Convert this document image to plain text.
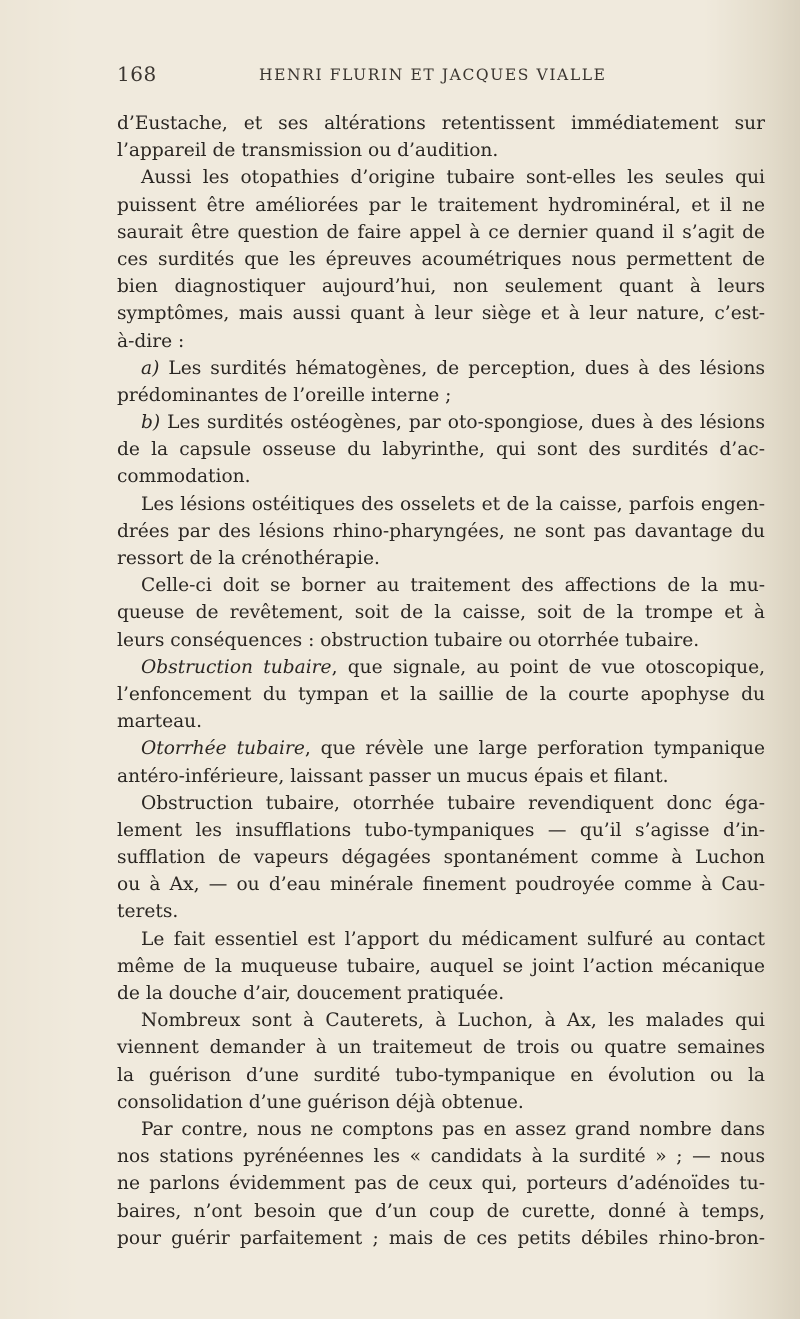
168	HENRI FLURIN ET JACQUES VIALLE
d’Eustache, et ses altérations retentissent immédiatement sur
l’appareil de transmission ou d’audition.
Aussi les otopathies d’origine tubaire sont-elles les seules qui
puissent être améliorées par le traitement hydrominéral, et il ne
saurait être question de faire appel à ce dernier quand il s’agit de
ces surdités que les épreuves acoumétriques nous permettent de
bien diagnostiquer aujourd’hui, non seulement quant à leurs
symptômes, mais aussi quant à leur siège et à leur nature, c’est-
à-dire :
a) Les surdités hématogènes, de perception, dues à des lésions
prédominantes de l’oreille interne ;
b) Les surdités ostéogènes, par oto-spongiose, dues à des lésions
de la capsule osseuse du labyrinthe, qui sont des surdités d’ac-
commodation.
Les lésions ostéitiques des osselets et de la caisse, parfois engen-
drées par des lésions rhino-pharyngées, ne sont pas davantage du
ressort de la crénothérapie.
Celle-ci doit se borner au traitement des affections de la mu-
queuse de revêtement, soit de la caisse, soit de la trompe et à
leurs conséquences : obstruction tubaire ou otorrhée tubaire.
Obstruction tubaire, que signale, au point de vue otoscopique,
l’enfoncement du tympan et la saillie de la courte apophyse du
marteau.
Otorrhée tubaire, que révèle une large perforation tympanique
antéro-inférieure, laissant passer un mucus épais et filant.
Obstruction tubaire, otorrhée tubaire revendiquent donc éga-
lement les insufflations tubo-tympaniques — qu’il s’agisse d’in-
sufflation de vapeurs dégagées spontanément comme à Luchon
ou à Ax, — ou d’eau minérale finement poudroyée comme à Cau-
terets.
Le fait essentiel est l’apport du médicament sulfuré au contact
même de la muqueuse tubaire, auquel se joint l’action mécanique
de la douche d’air, doucement pratiquée.
Nombreux sont à Cauterets, à Luchon, à Ax, les malades qui
viennent demander à un traitemeut de trois ou quatre semaines
la guérison d’une surdité tubo-tympanique en évolution ou la
consolidation d’une guérison déjà obtenue.
Par contre, nous ne comptons pas en assez grand nombre dans
nos stations pyrénéennes les « candidats à la surdité » ; — nous
ne parlons évidemment pas de ceux qui, porteurs d’adénoïdes tu-
baires, n’ont besoin que d’un coup de curette, donné à temps,
pour guérir parfaitement ; mais de ces petits débiles rhino-bron-
